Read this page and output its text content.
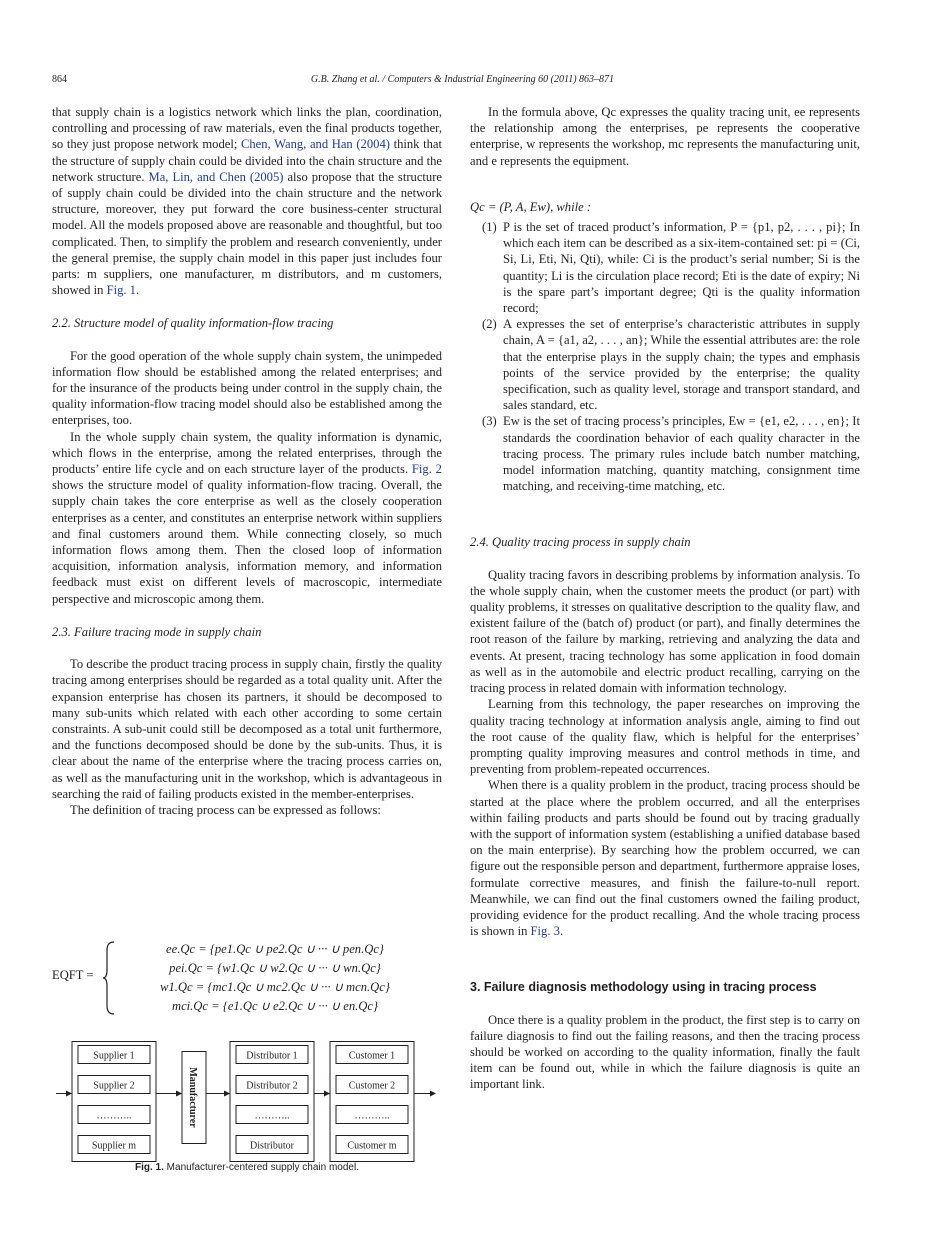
864	G.B. Zhang et al. / Computers & Industrial Engineering 60 (2011) 863–871

that supply chain is a logistics network which links the plan, coordination, controlling and processing of raw materials, even the final products together, so they just propose network model; Chen, Wang, and Han (2004) think that the structure of supply chain could be divided into the chain structure and the network structure. Ma, Lin, and Chen (2005) also propose that the structure of supply chain could be divided into the chain structure and the network structure, moreover, they put forward the core business-center structural model. All the models proposed above are reasonable and thoughtful, but too complicated. Then, to simplify the problem and research conveniently, under the general premise, the supply chain model in this paper just includes four parts: m suppliers, one manufacturer, m distributors, and m customers, showed in Fig. 1.

2.2. Structure model of quality information-flow tracing

For the good operation of the whole supply chain system, the unimpeded information flow should be established among the related enterprises; and for the insurance of the products being under control in the supply chain, the quality information-flow tracing model should also be established among the enterprises, too.

In the whole supply chain system, the quality information is dynamic, which flows in the enterprise, among the related enterprises, through the products’ entire life cycle and on each structure layer of the products. Fig. 2 shows the structure model of quality information-flow tracing. Overall, the supply chain takes the core enterprise as well as the closely cooperation enterprises as a center, and constitutes an enterprise network within suppliers and final customers around them. While connecting closely, so much information flows among them. Then the closed loop of information acquisition, information analysis, information memory, and information feedback must exist on different levels of macroscopic, intermediate perspective and microscopic among them.

2.3. Failure tracing mode in supply chain

To describe the product tracing process in supply chain, firstly the quality tracing among enterprises should be regarded as a total quality unit. After the expansion enterprise has chosen its partners, it should be decomposed to many sub-units which related with each other according to some certain constraints. A sub-unit could still be decomposed as a total unit furthermore, and the functions decomposed should be done by the sub-units. Thus, it is clear about the name of the enterprise where the tracing process carries on, as well as the manufacturing unit in the workshop, which is advantageous in searching the raid of failing products existed in the member-enterprises.

The definition of tracing process can be expressed as follows:

EQFT =
ee.Qc = {pe1.Qc ∪ pe2.Qc ∪ ··· ∪ pen.Qc}
pei.Qc = {w1.Qc ∪ w2.Qc ∪ ··· ∪ wn.Qc}
w1.Qc = {mc1.Qc ∪ mc2.Qc ∪ ··· ∪ mcn.Qc}
mci.Qc = {e1.Qc ∪ e2.Qc ∪ ··· ∪ en.Qc}
Supplier 1
Supplier 2
………..
Supplier m
Distributor 1
Distributor 2
………..
Distributor
Customer 1
Customer 2
………..
Customer m
Manufacturer
Fig. 1. Manufacturer-centered supply chain model.

In the formula above, Qc expresses the quality tracing unit, ee represents the relationship among the enterprises, pe represents the cooperative enterprise, w represents the workshop, mc represents the manufacturing unit, and e represents the equipment.

Qc = (P, A, Ew), while :

(1) P is the set of traced product’s information, P = {p1, p2, . . . , pi}; In which each item can be described as a six-item-contained set: pi = (Ci, Si, Li, Eti, Ni, Qti), while: Ci is the product’s serial number; Si is the quantity; Li is the circulation place record; Eti is the date of expiry; Ni is the spare part’s important degree; Qti is the quality information record;
(2) A expresses the set of enterprise’s characteristic attributes in supply chain, A = {a1, a2, . . . , an}; While the essential attributes are: the role that the enterprise plays in the supply chain; the types and emphasis points of the service provided by the enterprise; the quality specification, such as quality level, storage and transport standard, and sales standard, etc.
(3) Ew is the set of tracing process’s principles, Ew = {e1, e2, . . . , en}; It standards the coordination behavior of each quality character in the tracing process. The primary rules include batch number matching, model information matching, quantity matching, consignment time matching, and receiving-time matching, etc.

2.4. Quality tracing process in supply chain

Quality tracing favors in describing problems by information analysis. To the whole supply chain, when the customer meets the product (or part) with quality problems, it stresses on qualitative description to the quality flaw, and existent failure of the (batch of) product (or part), and finally determines the root reason of the failure by marking, retrieving and analyzing the data and events. At present, tracing technology has some application in food domain as well as in the automobile and electric product recalling, carrying on the tracing process in related domain with information technology.

Learning from this technology, the paper researches on improving the quality tracing technology at information analysis angle, aiming to find out the root cause of the quality flaw, which is helpful for the enterprises’ prompting quality improving measures and control methods in time, and preventing from problem-repeated occurrences.

When there is a quality problem in the product, tracing process should be started at the place where the problem occurred, and all the enterprises within failing products and parts should be found out by tracing gradually with the support of information system (establishing a unified database based on the main enterprise). By searching how the problem occurred, we can figure out the responsible person and department, furthermore appraise loses, formulate corrective measures, and finish the failure-to-null report. Meanwhile, we can find out the final customers owned the failing product, providing evidence for the product recalling. And the whole tracing process is shown in Fig. 3.

3. Failure diagnosis methodology using in tracing process

Once there is a quality problem in the product, the first step is to carry on failure diagnosis to find out the failing reasons, and then the tracing process should be worked on according to the quality information, finally the fault item can be found out, while in which the failure diagnosis is quite an important link.
